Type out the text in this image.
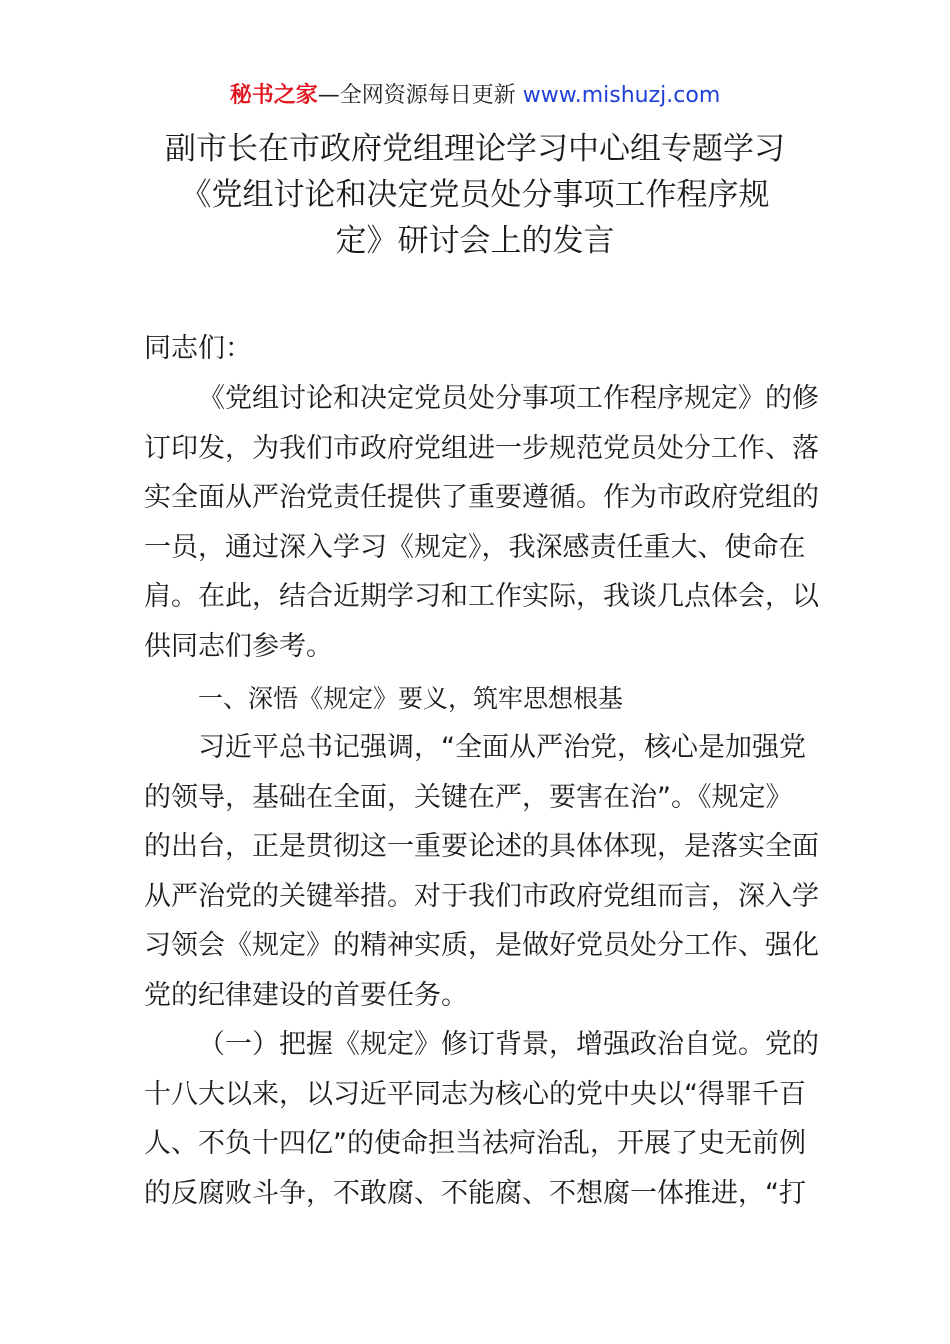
秘书之家—全网资源每日更新 www.mishuzj.com
副市长在市政府党组理论学习中心组专题学习
《党组讨论和决定党员处分事项工作程序规
定》研讨会上的发言
同志们：
《党组讨论和决定党员处分事项工作程序规定》的修
订印发，为我们市政府党组进一步规范党员处分工作、落
实全面从严治党责任提供了重要遵循。作为市政府党组的
一员，通过深入学习《规定》，我深感责任重大、使命在
肩。在此，结合近期学习和工作实际，我谈几点体会，以
供同志们参考。
一、深悟《规定》要义，筑牢思想根基
习近平总书记强调，“全面从严治党，核心是加强党
的领导，基础在全面，关键在严，要害在治”。《规定》
的出台，正是贯彻这一重要论述的具体体现，是落实全面
从严治党的关键举措。对于我们市政府党组而言，深入学
习领会《规定》的精神实质，是做好党员处分工作、强化
党的纪律建设的首要任务。
（一）把握《规定》修订背景，增强政治自觉。党的
十八大以来，以习近平同志为核心的党中央以“得罪千百
人、不负十四亿”的使命担当祛疴治乱，开展了史无前例
的反腐败斗争，不敢腐、不能腐、不想腐一体推进，“打
